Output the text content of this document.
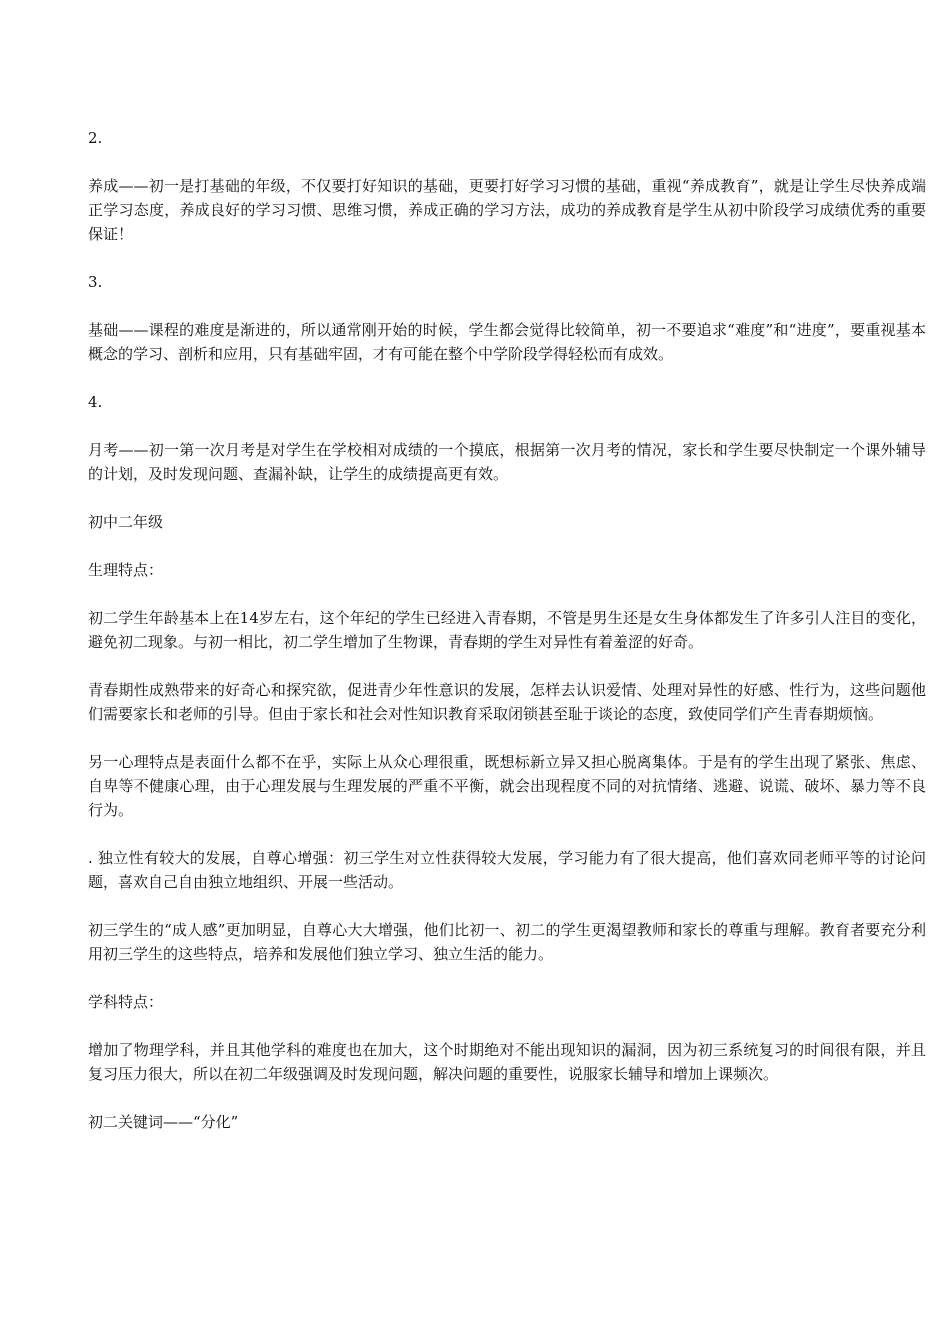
2.

养成——初一是打基础的年级，不仅要打好知识的基础，更要打好学习习惯的基础，重视“养成教育”，就是让学生尽快养成端正学习态度，养成良好的学习习惯、思维习惯，养成正确的学习方法，成功的养成教育是学生从初中阶段学习成绩优秀的重要保证！

3.

基础——课程的难度是渐进的，所以通常刚开始的时候，学生都会觉得比较简单，初一不要追求“难度”和“进度”，要重视基本概念的学习、剖析和应用，只有基础牢固，才有可能在整个中学阶段学得轻松而有成效。

4.

月考——初一第一次月考是对学生在学校相对成绩的一个摸底，根据第一次月考的情况，家长和学生要尽快制定一个课外辅导的计划，及时发现问题、查漏补缺，让学生的成绩提高更有效。

初中二年级

生理特点：

初二学生年龄基本上在14岁左右，这个年纪的学生已经进入青春期，不管是男生还是女生身体都发生了许多引人注目的变化，避免初二现象。与初一相比，初二学生增加了生物课，青春期的学生对异性有着羞涩的好奇。

青春期性成熟带来的好奇心和探究欲，促进青少年性意识的发展，怎样去认识爱情、处理对异性的好感、性行为，这些问题他们需要家长和老师的引导。但由于家长和社会对性知识教育采取闭锁甚至耻于谈论的态度，致使同学们产生青春期烦恼。

另一心理特点是表面什么都不在乎，实际上从众心理很重，既想标新立异又担心脱离集体。于是有的学生出现了紧张、焦虑、自卑等不健康心理，由于心理发展与生理发展的严重不平衡，就会出现程度不同的对抗情绪、逃避、说谎、破坏、暴力等不良行为。

. 独立性有较大的发展，自尊心增强：初三学生对立性获得较大发展，学习能力有了很大提高，他们喜欢同老师平等的讨论问题，喜欢自己自由独立地组织、开展一些活动。

初三学生的“成人感”更加明显，自尊心大大增强，他们比初一、初二的学生更渴望教师和家长的尊重与理解。教育者要充分利用初三学生的这些特点，培养和发展他们独立学习、独立生活的能力。

学科特点：

增加了物理学科，并且其他学科的难度也在加大，这个时期绝对不能出现知识的漏洞，因为初三系统复习的时间很有限，并且复习压力很大，所以在初二年级强调及时发现问题，解决问题的重要性，说服家长辅导和增加上课频次。

初二关键词——“分化”
